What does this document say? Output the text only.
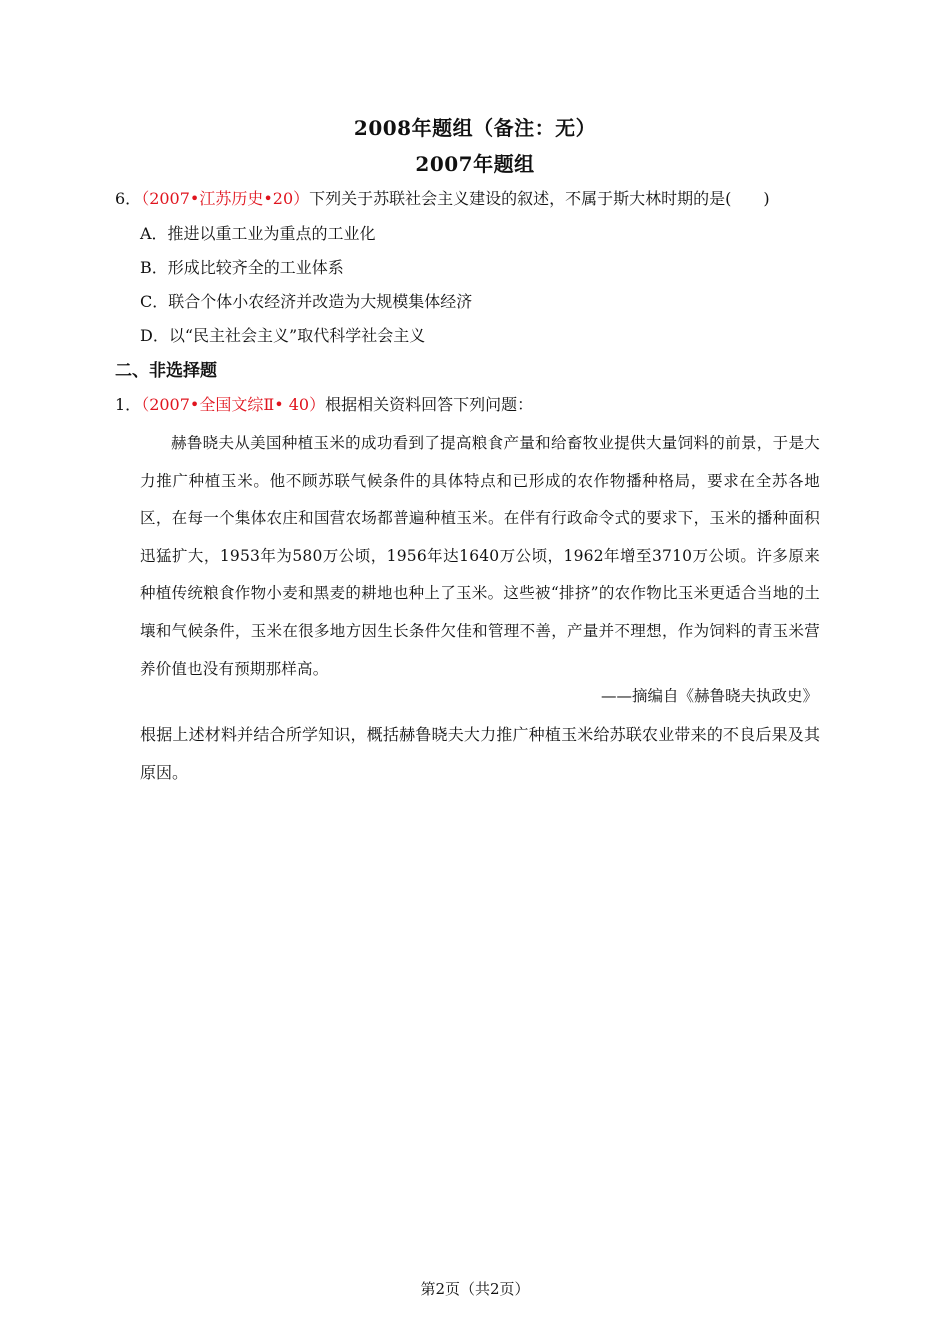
2008年题组（备注：无）
2007年题组
6．（2007•江苏历史•20）下列关于苏联社会主义建设的叙述，不属于斯大林时期的是(　　)
A．推进以重工业为重点的工业化
B．形成比较齐全的工业体系
C．联合个体小农经济并改造为大规模集体经济
D．以“民主社会主义”取代科学社会主义
二、非选择题
1．（2007•全国文综Ⅱ• 40）根据相关资料回答下列问题：
赫鲁晓夫从美国种植玉米的成功看到了提高粮食产量和给畜牧业提供大量饲料的前景，于是大力推广种植玉米。他不顾苏联气候条件的具体特点和已形成的农作物播种格局，要求在全苏各地区，在每一个集体农庄和国营农场都普遍种植玉米。在伴有行政命令式的要求下，玉米的播种面积迅猛扩大，1953年为580万公顷，1956年达1640万公顷，1962年增至3710万公顷。许多原来种植传统粮食作物小麦和黑麦的耕地也种上了玉米。这些被“排挤”的农作物比玉米更适合当地的土壤和气候条件，玉米在很多地方因生长条件欠佳和管理不善，产量并不理想，作为饲料的青玉米营养价值也没有预期那样高。
——摘编自《赫鲁晓夫执政史》
根据上述材料并结合所学知识，概括赫鲁晓夫大力推广种植玉米给苏联农业带来的不良后果及其原因。
第2页（共2页）
